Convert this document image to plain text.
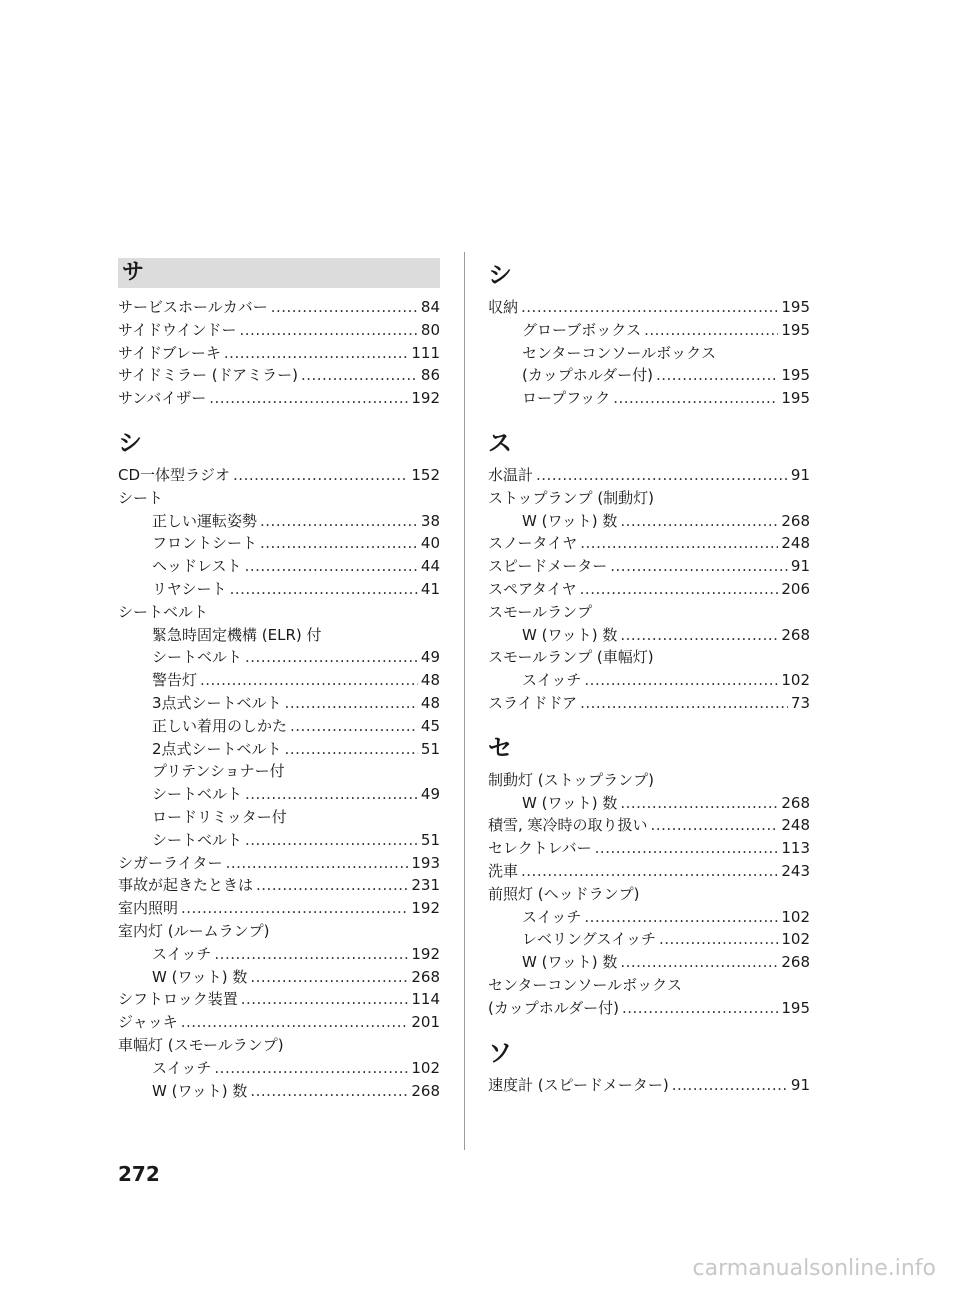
サ
サービスホールカバー .....	84
サイドウインドー .....	80
サイドブレーキ .....	111
サイドミラー (ドアミラー) .....	86
サンバイザー .....	192
シ
CD一体型ラジオ .....	152
シート
正しい運転姿勢 .....	38
フロントシート .....	40
ヘッドレスト .....	44
リヤシート .....	41
シートベルト
緊急時固定機構 (ELR) 付
シートベルト .....	49
警告灯 .....	48
3点式シートベルト .....	48
正しい着用のしかた .....	45
2点式シートベルト .....	51
プリテンショナー付
シートベルト .....	49
ロードリミッター付
シートベルト .....	51
シガーライター .....	193
事故が起きたときは .....	231
室内照明 .....	192
室内灯 (ルームランプ)
スイッチ .....	192
W (ワット) 数 .....	268
シフトロック装置 .....	114
ジャッキ .....	201
車幅灯 (スモールランプ)
スイッチ .....	102
W (ワット) 数 .....	268
シ
収納 .....	195
グローブボックス .....	195
センターコンソールボックス
(カップホルダー付) .....	195
ロープフック .....	195
ス
水温計 .....	91
ストップランプ (制動灯)
W (ワット) 数 .....	268
スノータイヤ .....	248
スピードメーター .....	91
スペアタイヤ .....	206
スモールランプ
W (ワット) 数 .....	268
スモールランプ (車幅灯)
スイッチ .....	102
スライドドア .....	73
セ
制動灯 (ストップランプ)
W (ワット) 数 .....	268
積雪, 寒冷時の取り扱い .....	248
セレクトレバー .....	113
洗車 .....	243
前照灯 (ヘッドランプ)
スイッチ .....	102
レベリングスイッチ .....	102
W (ワット) 数 .....	268
センターコンソールボックス
(カップホルダー付) .....	195
ソ
速度計 (スピードメーター) .....	91
272
carmanualsonline.info
